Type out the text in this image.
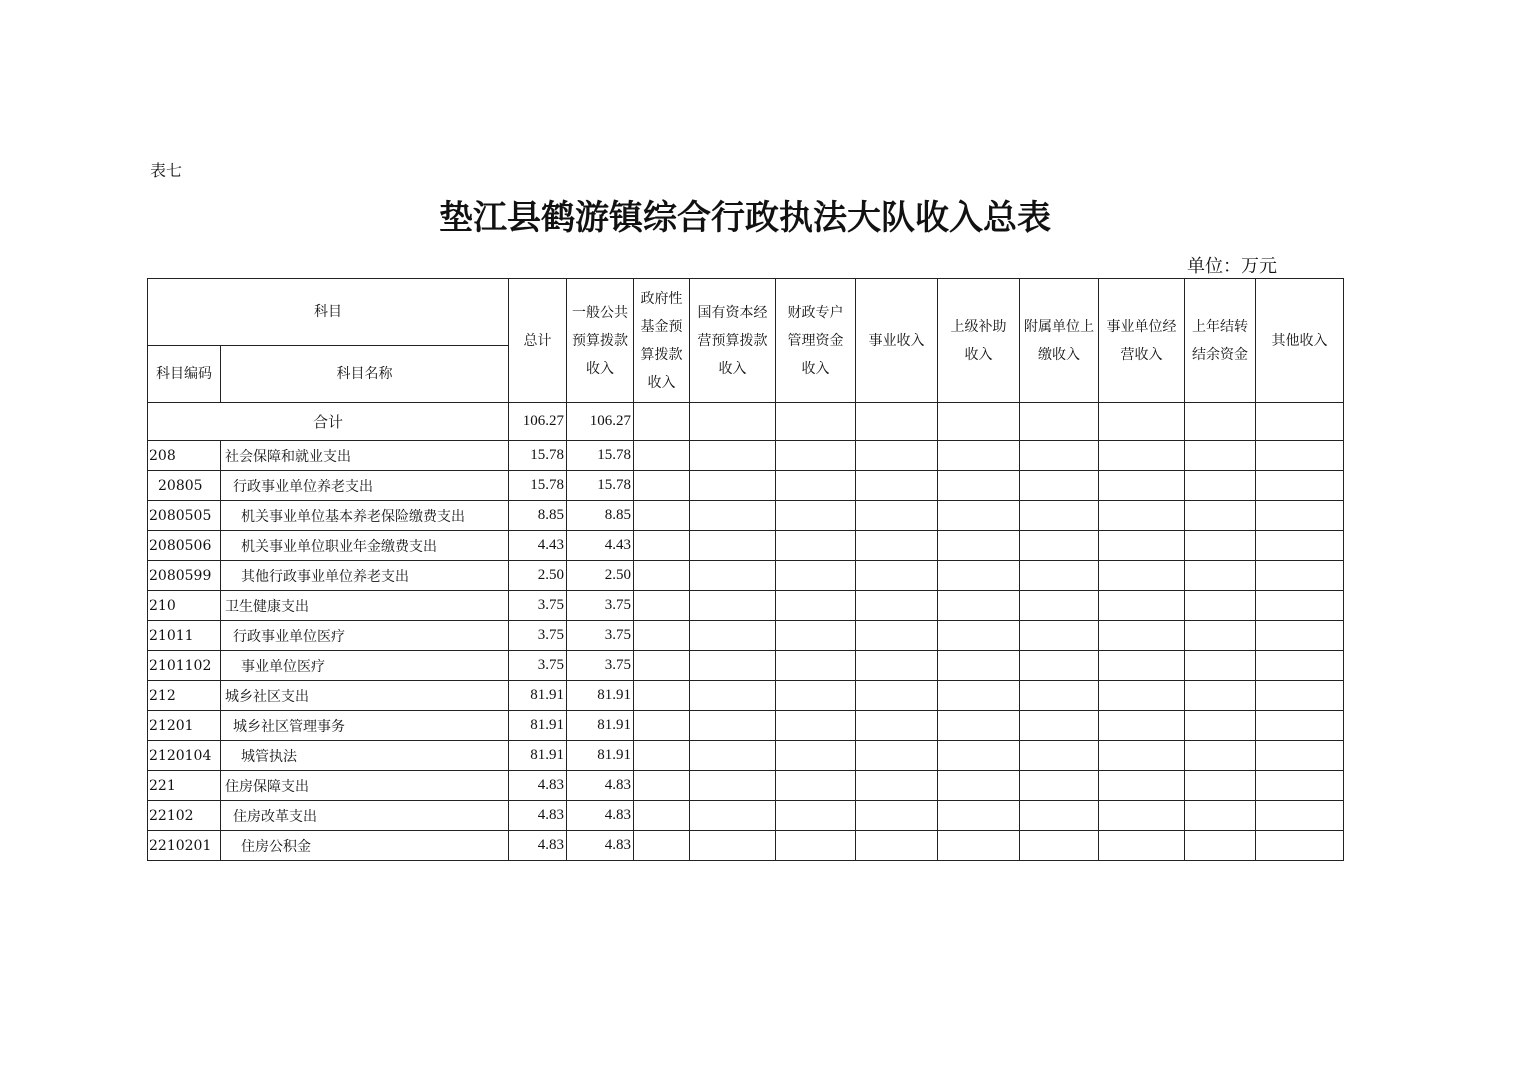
表七
垫江县鹤游镇综合行政执法大队收入总表
单位：万元
科目		总计	一般公共预算拨款收入	政府性基金预算拨款收入	国有资本经营预算拨款收入	财政专户管理资金收入	事业收入	上级补助收入	附属单位上缴收入	事业单位经营收入	上年结转结余资金	其他收入

科目编码	科目名称											
合计		106.27	106.27									
208	社会保障和就业支出	15.78	15.78									
20805	行政事业单位养老支出	15.78	15.78									
2080505	机关事业单位基本养老保险缴费支出	8.85	8.85									
2080506	机关事业单位职业年金缴费支出	4.43	4.43									
2080599	其他行政事业单位养老支出	2.50	2.50									
210	卫生健康支出	3.75	3.75									
21011	行政事业单位医疗	3.75	3.75									
2101102	事业单位医疗	3.75	3.75									
212	城乡社区支出	81.91	81.91									
21201	城乡社区管理事务	81.91	81.91									
2120104	城管执法	81.91	81.91									
221	住房保障支出	4.83	4.83									
22102	住房改革支出	4.83	4.83									
2210201	住房公积金	4.83	4.83									
